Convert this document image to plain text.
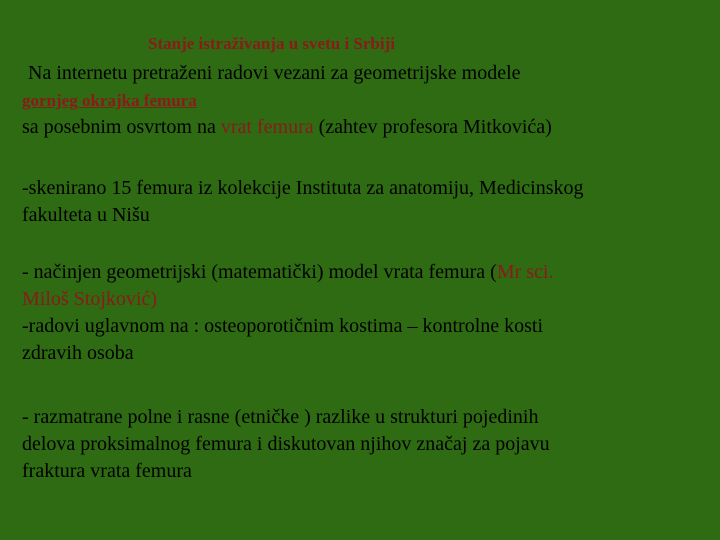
Stanje istraživanja u svetu i Srbiji
Na internetu pretraženi radovi vezani za geometrijske modele
gornjeg okrajka femura
sa posebnim osvrtom na vrat femura (zahtev profesora Mitkovića)
-skenirano 15 femura iz kolekcije Instituta za anatomiju, Medicinskog
fakulteta u Nišu
- načinjen geometrijski (matematički) model vrata femura (Mr sci.
Miloš Stojković)
-radovi uglavnom na : osteoporotičnim kostima – kontrolne kosti
zdravih osoba
- razmatrane polne i rasne (etničke ) razlike u strukturi pojedinih
delova proksimalnog femura i diskutovan njihov značaj za pojavu
fraktura vrata femura
